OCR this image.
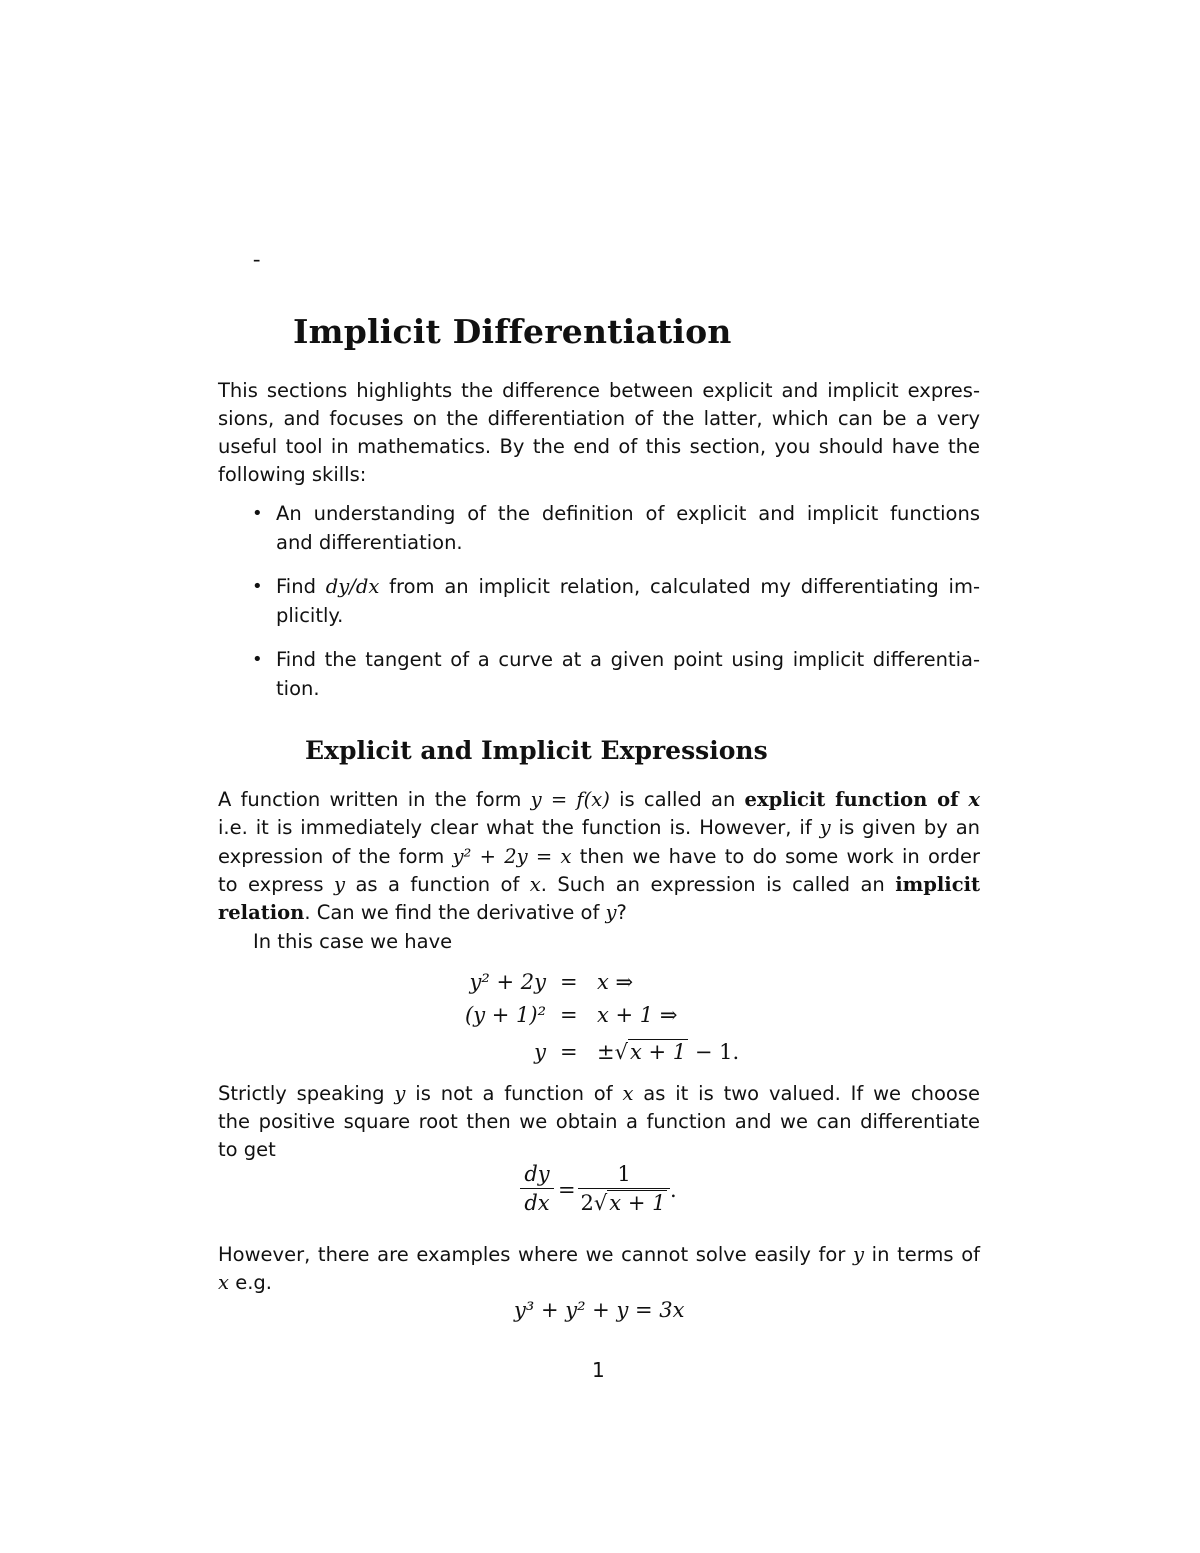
-
Implicit Differentiation
This sections highlights the difference between explicit and implicit expres-
sions, and focuses on the differentiation of the latter, which can be a very
useful tool in mathematics. By the end of this section, you should have the
following skills:
• An understanding of the definition of explicit and implicit functions
and differentiation.
• Find dy/dx from an implicit relation, calculated my differentiating im-
plicitly.
• Find the tangent of a curve at a given point using implicit differentia-
tion.
Explicit and Implicit Expressions
A function written in the form y = f(x) is called an explicit function of x
i.e. it is immediately clear what the function is. However, if y is given by an
expression of the form y² + 2y = x then we have to do some work in order
to express y as a function of x. Such an expression is called an implicit
relation. Can we find the derivative of y?
In this case we have
y² + 2y = x ⇒
(y + 1)² = x + 1 ⇒
y = ±√x + 1 − 1.
Strictly speaking y is not a function of x as it is two valued. If we choose
the positive square root then we obtain a function and we can differentiate
to get
$\frac{dy}{dx} = \frac{1}{2√x + 1}$ .
However, there are examples where we cannot solve easily for y in terms of
x e.g.
y³ + y² + y = 3x
1
